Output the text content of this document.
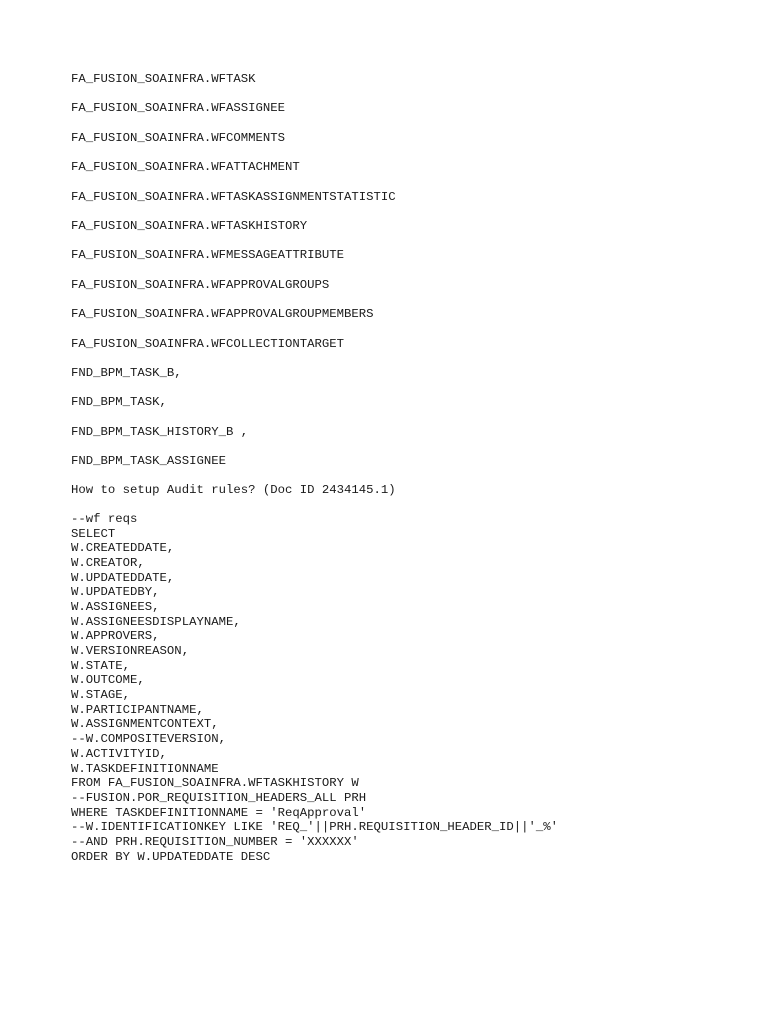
FA_FUSION_SOAINFRA.WFTASK

FA_FUSION_SOAINFRA.WFASSIGNEE

FA_FUSION_SOAINFRA.WFCOMMENTS

FA_FUSION_SOAINFRA.WFATTACHMENT

FA_FUSION_SOAINFRA.WFTASKASSIGNMENTSTATISTIC

FA_FUSION_SOAINFRA.WFTASKHISTORY

FA_FUSION_SOAINFRA.WFMESSAGEATTRIBUTE

FA_FUSION_SOAINFRA.WFAPPROVALGROUPS

FA_FUSION_SOAINFRA.WFAPPROVALGROUPMEMBERS

FA_FUSION_SOAINFRA.WFCOLLECTIONTARGET

FND_BPM_TASK_B,

FND_BPM_TASK,

FND_BPM_TASK_HISTORY_B ,

FND_BPM_TASK_ASSIGNEE

How to setup Audit rules? (Doc ID 2434145.1)

--wf reqs
SELECT
W.CREATEDDATE,
W.CREATOR,
W.UPDATEDDATE,
W.UPDATEDBY,
W.ASSIGNEES,
W.ASSIGNEESDISPLAYNAME,
W.APPROVERS,
W.VERSIONREASON,
W.STATE,
W.OUTCOME,
W.STAGE,
W.PARTICIPANTNAME,
W.ASSIGNMENTCONTEXT,
--W.COMPOSITEVERSION,
W.ACTIVITYID,
W.TASKDEFINITIONNAME
FROM FA_FUSION_SOAINFRA.WFTASKHISTORY W
--FUSION.POR_REQUISITION_HEADERS_ALL PRH
WHERE TASKDEFINITIONNAME = 'ReqApproval'
--W.IDENTIFICATIONKEY LIKE 'REQ_'||PRH.REQUISITION_HEADER_ID||'_%'
--AND PRH.REQUISITION_NUMBER = 'XXXXXX'
ORDER BY W.UPDATEDDATE DESC
